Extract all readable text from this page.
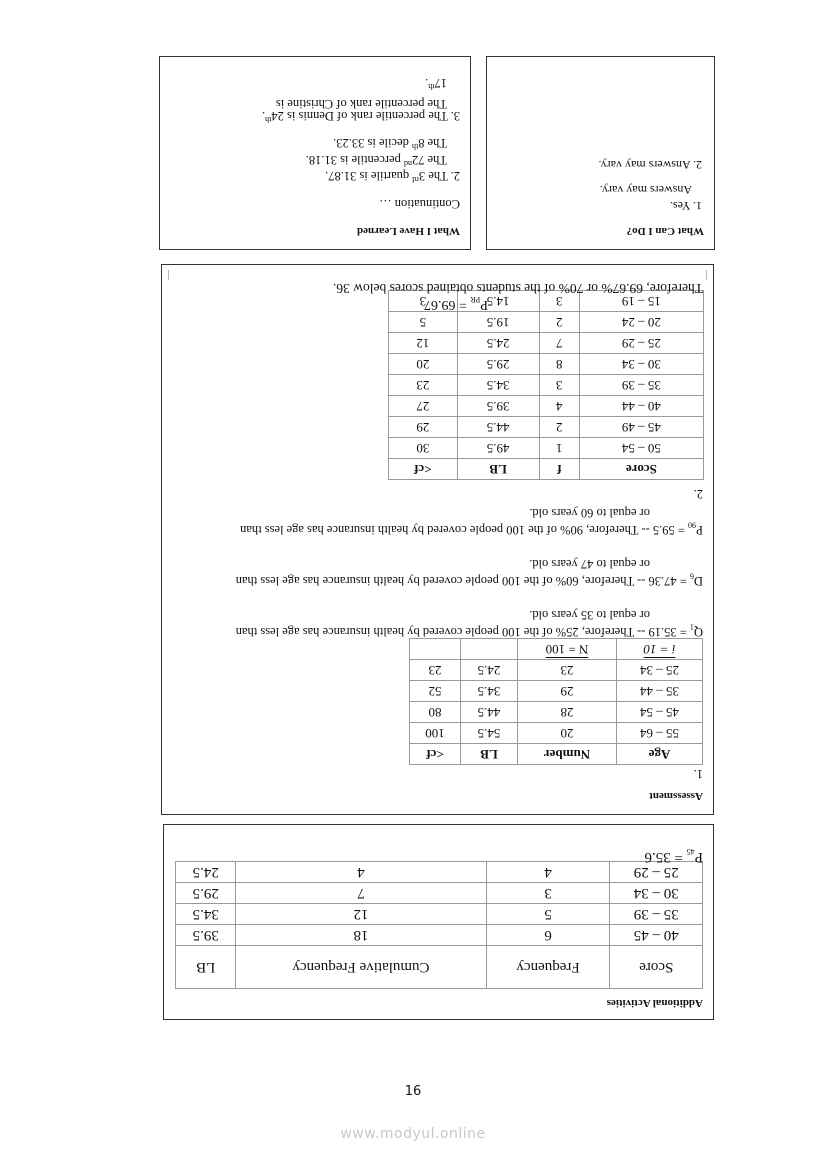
Additional Activities
Score	Frequency	Cumulative Frequency	LB
40 – 45	6	18	39.5
35 – 39	5	12	34.5
30 – 34	3	7	29.5
25 – 29	4	4	24.5
$P_{45} = 35.6$
Assessment
1.
Age	Number	LB	<cf
55 – 64	20	54.5	100
45 – 54	28	44.5	80
35 – 44	29	34.5	52
25 – 34	23	24.5	23
i = 10	N = 100		
$Q_1 = 35.19$ -- Therefore, 25% of the 100 people covered by health insurance has age less than
or equal to 35 years old.
$D_6 = 47.36$ -- Therefore, 60% of the 100 people covered by health insurance has age less than
or equal to 47 years old.
$P_{90} = 59.5$ -- Therefore, 90% of the 100 people covered by health insurance has age less than
or equal to 60 years old.
2.
Score	f	LB	<cf
50 – 54	1	49.5	30
45 – 49	2	44.5	29
40 – 44	4	39.5	27
35 – 39	3	34.5	23
30 – 34	8	29.5	20
25 – 29	7	24.5	12
20 – 24	2	19.5	5
15 – 19	3	14.5	3	$P_{PR} = 69.67$
Therefore, 69.67% or 70% of the students obtained scores below 36.
What Can I Do?
1. Yes.
Answers may vary.
2. Answers may vary.
What I Have Learned
Continuation …
2. The 3rd quartile is 31.87.
The 72nd percentile is 31.18.
The 8th decile is 33.23.
3. The percentile rank of Dennis is 24th.
The percentile rank of Christine is
17th.
16
www.modyul.online
